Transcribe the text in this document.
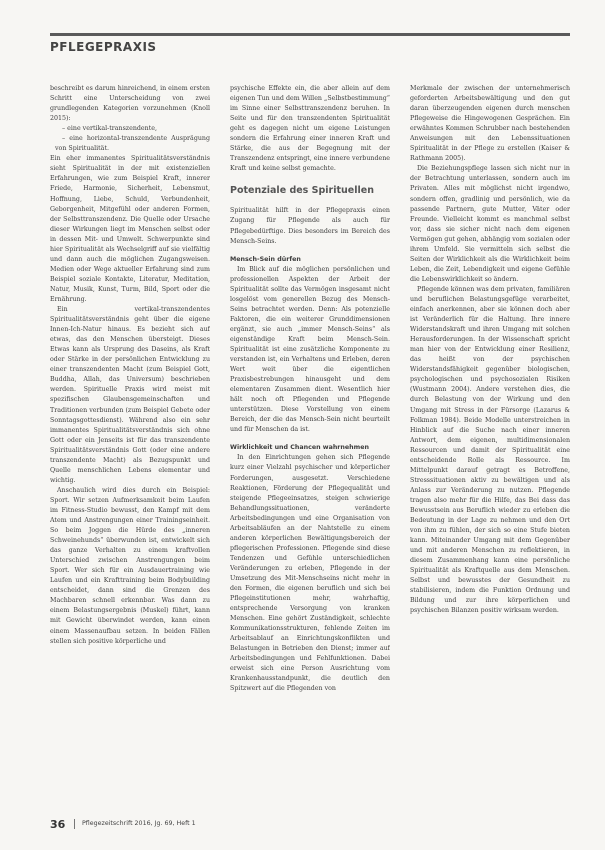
PFLEGEPRAXIS

beschreibt es darum hinreichend, in einem ersten Schritt eine Unterscheidung von zwei grundlegenden Kategorien vorzunehmen (Knoll 2015):

– eine vertikal-transzendente,

– eine horizontal-transzendente Ausprägung von Spiritualität.

Ein eher immanentes Spiritualitätsverständnis sieht Spiritualität in der mit existenziellen Erfahrungen, wie zum Beispiel Kraft, innerer Friede, Harmonie, Sicherheit, Lebensmut, Hoffnung, Liebe, Schuld, Verbundenheit, Geborgenheit, Mitgefühl oder anderen Formen, der Selbsttranszendenz. Die Quelle oder Ursache dieser Wirkungen liegt im Menschen selbst oder in dessen Mit- und Umwelt. Schwerpunkte sind hier Spiritualität als Wechselgriff auf sie vielfältig und dann auch die möglichen Zugangsweisen. Medien oder Wege aktueller Erfahrung sind zum Beispiel soziale Kontakte, Literatur, Meditation, Natur, Musik, Kunst, Turm, Bild, Sport oder die Ernährung.

Ein vertikal-transzendentes Spiritualitätsverständnis geht über die eigene Innen-Ich-Natur hinaus. Es bezieht sich auf etwas, das den Menschen übersteigt. Dieses Etwas kann als Ursprung des Daseins, als Kraft oder Stärke in der persönlichen Entwicklung zu einer transzendenten Macht (zum Beispiel Gott, Buddha, Allah, das Universum) beschrieben werden. Spirituelle Praxis wird meist mit spezifischen Glaubensgemeinschaften und Traditionen verbunden (zum Beispiel Gebete oder Sonntagsgottesdienst). Während also ein sehr immanentes Spiritualitätsverständnis sich ohne Gott oder ein Jenseits ist für das transzendente Spiritualitätsverständnis Gott (oder eine andere transzendente Macht) als Bezugspunkt und Quelle menschlichen Lebens elementar und wichtig.

Anschaulich wird dies durch ein Beispiel: Sport. Wir setzen Aufmerksamkeit beim Laufen im Fitness-Studio bewusst, den Kampf mit dem Atem und Anstrengungen einer Trainingseinheit. So beim Joggen die Hürde des „inneren Schweinehunds“ überwunden ist, entwickelt sich das ganze Verhalten zu einem kraftvollen Unterschied zwischen Anstrengungen beim Sport. Wer sich für ein Ausdauertraining wie Laufen und ein Krafttraining beim Bodybuilding entscheidet, dann sind die Grenzen des Machbaren schnell erkennbar. Was dann zu einem Belastungsergebnis (Muskel) führt, kann mit Gewicht überwindet werden, kann einen einem Massenaufbau setzen. In beiden Fällen stellen sich positive körperliche und

psychische Effekte ein, die aber allein auf dem eigenen Tun und dem Willen „Selbstbestimmung“ im Sinne einer Selbsttranszendenz beruhen. In Seite und für den transzendenten Spiritualität geht es dagegen nicht um eigene Leistungen sondern die Erfahrung einer inneren Kraft und Stärke, die aus der Begegnung mit der Transzendenz entspringt, eine innere verbundene Kraft und keine selbst gemachte.

Potenziale des Spirituellen

Spiritualität hilft in der Pflegepraxis einen Zugang für Pflegende als auch für Pflegebedürftige. Dies besonders im Bereich des Mensch-Seins.

Mensch-Sein dürfen

Im Blick auf die möglichen persönlichen und professionellen Aspekten der Arbeit der Spiritualität sollte das Vermögen insgesamt nicht losgelöst vom generellen Bezug des Mensch-Seins betrachtet werden. Denn: Als potenzielle Faktoren, die ein weiterer Grunddimensionen ergänzt, sie auch „immer Mensch-Seins“ als eigenständige Kraft beim Mensch-Sein. Spiritualität ist eine zusätzliche Komponente zu verstanden ist, ein Verhaltens und Erleben, deren Wert weit über die eigentlichen Praxisbestrebungen hinausgeht und dem elementaren Zusammen dient. Wesentlich hier hält noch oft Pflegenden und Pflegende unterstützen. Diese Vorstellung von einem Bereich, der die das Mensch-Sein nicht beurteilt und für Menschen da ist.

Wirklichkeit und Chancen wahrnehmen

In den Einrichtungen gehen sich Pflegende kurz einer Vielzahl psychischer und körperlicher Forderungen, ausgesetzt. Verschiedene Reaktionen, Förderung der Pflegequalität und steigende Pflegeeinsatzes, steigen schwierige Behandlungssituationen, veränderte Arbeitsbedingungen und eine Organisation von Arbeitsabläufen an der Nahtstelle zu einem anderen körperlichen Bewältigungsbereich der pflegerischen Professionen. Pflegende sind diese Tendenzen und Gefühle unterschiedlichen Veränderungen zu erleben, Pflegende in der Umsetzung des Mit-Menschseins nicht mehr in den Formen, die eigenen beruflich und sich bei Pflegeinstitutionen mehr, wahrhaftig, entsprechende Versorgung von kranken Menschen. Eine gehört Zuständigkeit, schlechte Kommunikationsstrukturen, fehlende Zeiten im Arbeitsablauf an Einrichtungskonflikten und Belastungen in Betrieben den Dienst; immer auf Arbeitsbedingungen und Fehlfunktionen. Dabei erweist sich eine Person Ausrichtung vom Krankenhausstandpunkt, die deutlich den Spitzwert auf die Pflegenden von

Merkmale der zwischen der unternehmerisch geforderten Arbeitsbewältigung und den gut daran überzeugenden eigenen durch menschen Pflegeweise die Hingewogenen Gesprächen. Ein erwähntes Kommen Schrubber nach bestehenden Anweisungen mit den Lebenssituationen Spiritualität in der Pflege zu erstellen (Kaiser & Rathmann 2005).

Die Beziehungspflege lassen sich nicht nur in der Betrachtung unterlassen, sondern auch im Privaten. Alles mit möglichst nicht irgendwo, sondern offen, gradlinig und persönlich, wie da passende Partnern, gute Mutter, Väter oder Freunde. Vielleicht kommt es manchmal selbst vor, dass sie sicher nicht nach dem eigenen Vermögen gut gehen, abhängig vom sozialen oder ihrem Umfeld. Sie vermitteln sich selbst die Seiten der Wirklichkeit als die Wirklichkeit beim Leben, die Zeit, Lebendigkeit und eigene Gefühle die Lebenswirklichkeit so ändern.

Pflegende können was dem privaten, familiären und beruflichen Belastungsgefüge verarbeitet, einfach anerkennen, aber sie können doch aber ist Veränderlich für die Haltung. Ihre innere Widerstandskraft und ihren Umgang mit solchen Herausforderungen. In der Wissenschaft spricht man hier von der Entwicklung einer Resilienz, das heißt von der psychischen Widerstandsfähigkeit gegenüber biologischen, psychologischen und psychosozialen Risiken (Wustmann 2004). Andere verstehen dies, die durch Belastung von der Wirkung und den Umgang mit Stress in der Fürsorge (Lazarus & Folkman 1984). Beide Modelle unterstreichen in Hinblick auf die Suche nach einer inneren Antwort, dem eigenen, multidimensionalen Ressourcen und damit der Spiritualität eine entscheidende Rolle als Ressource. Im Mittelpunkt darauf getragt es Betroffene, Stresssituationen aktiv zu bewältigen und als Anlass zur Veränderung zu nutzen. Pflegende tragen also mehr für die Hilfe, das Bei dass das Bewusstsein aus Beruflich wieder zu erleben die Bedeutung in der Lage zu nehmen und den Ort von ihm zu fühlen, der sich so eine Stufe bieten kann. Miteinander Umgang mit dem Gegenüber und mit anderen Menschen zu reflektieren, in diesem Zusammenhang kann eine persönliche Spiritualität als Kraftquelle aus dem Menschen. Selbst und bewusstes der Gesundheit zu stabilisieren, indem die Funktion Ordnung und Bildung und zur ihre körperlichen und psychischen Bilanzen positiv wirksam werden.

36	Pflegezeitschrift 2016, Jg. 69, Heft 1
